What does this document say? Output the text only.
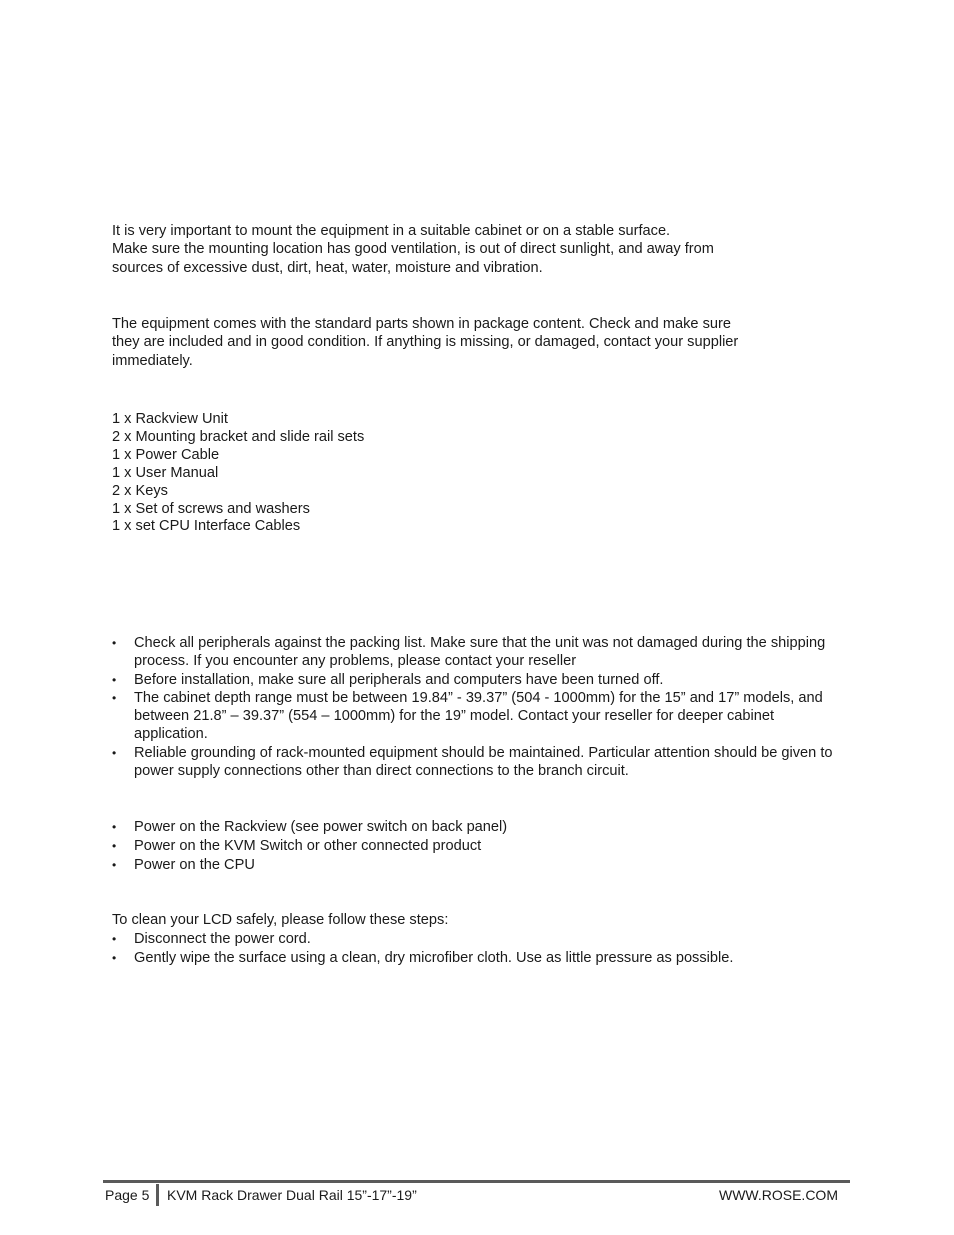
It is very important to mount the equipment in a suitable cabinet or on a stable surface.

Make sure the mounting location has good ventilation, is out of direct sunlight, and away from

sources of excessive dust, dirt, heat, water, moisture and vibration.

The equipment comes with the standard parts shown in package content. Check and make sure

they are included and in good condition. If anything is missing, or damaged, contact your supplier

immediately.

1 x Rackview Unit
2 x Mounting bracket and slide rail sets
1 x Power Cable
1 x User Manual
2 x Keys
1 x Set of screws and washers
1 x set CPU Interface Cables
•	Check all peripherals against the packing list. Make sure that the unit was not damaged during the shipping process. If you encounter any problems, please contact your reseller
•	Before installation, make sure all peripherals and computers have been turned off.
•	The cabinet depth range must be between 19.84” - 39.37” (504 - 1000mm) for the 15” and 17” models, and between 21.8” – 39.37” (554 – 1000mm) for the 19” model. Contact your reseller for deeper cabinet application.
•	Reliable grounding of rack-mounted equipment should be maintained. Particular attention should be given to power supply connections other than direct connections to the branch circuit.
•	Power on the Rackview (see power switch on back panel)
•	Power on the KVM Switch or other connected product
•	Power on the CPU

To clean your LCD safely, please follow these steps:

•	Disconnect the power cord.
•	Gently wipe the surface using a clean, dry microfiber cloth. Use as little pressure as possible.
Page 5 KVM Rack Drawer Dual Rail 15”-17”-19”	WWW.ROSE.COM
